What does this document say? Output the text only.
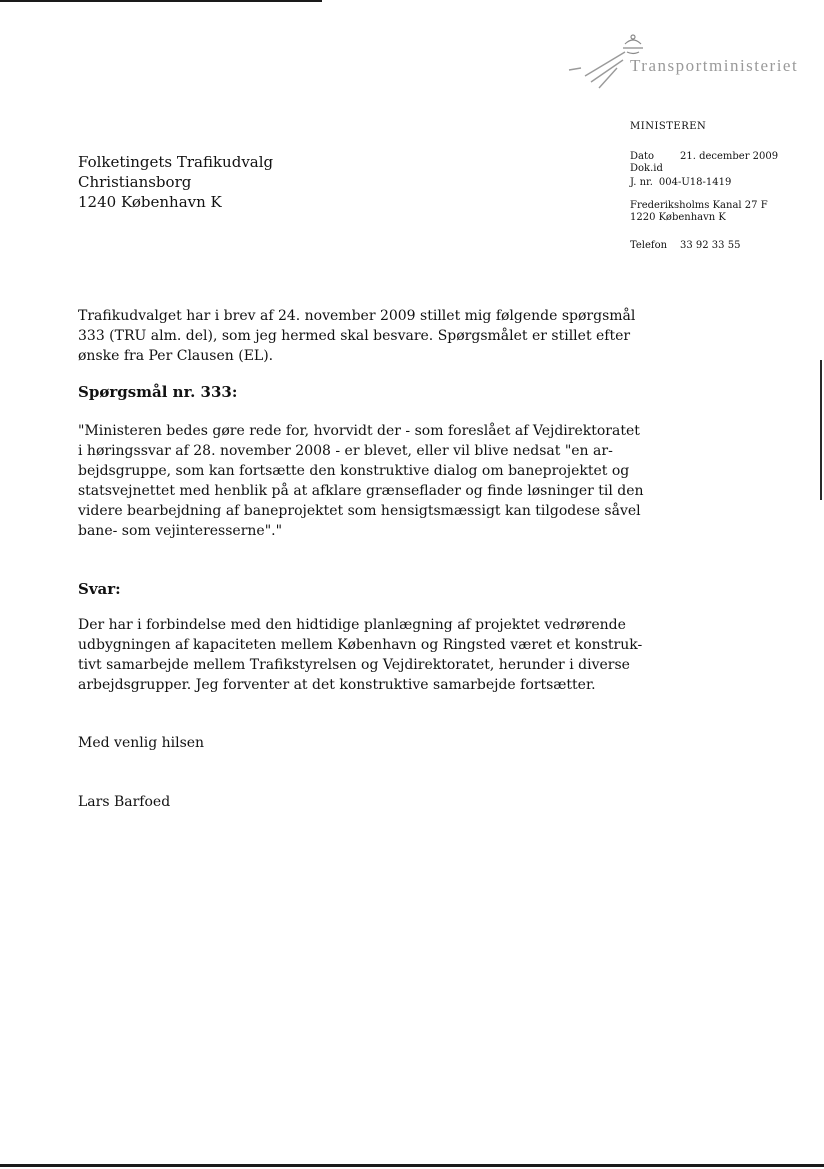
Transportministeriet
MINISTEREN
Dato	21. december 2009
Dok.id
J. nr. 004-U18-1419
Frederiksholms Kanal 27 F
1220 København K
Telefon 33 92 33 55
Folketingets Trafikudvalg
Christiansborg
1240 København K
Trafikudvalget har i brev af 24. november 2009 stillet mig følgende spørgsmål
333 (TRU alm. del), som jeg hermed skal besvare. Spørgsmålet er stillet efter
ønske fra Per Clausen (EL).
Spørgsmål nr. 333:
"Ministeren bedes gøre rede for, hvorvidt der - som foreslået af Vejdirektoratet
i høringssvar af 28. november 2008 - er blevet, eller vil blive nedsat "en ar-
bejdsgruppe, som kan fortsætte den konstruktive dialog om baneprojektet og
statsvejnettet med henblik på at afklare grænseflader og finde løsninger til den
videre bearbejdning af baneprojektet som hensigtsmæssigt kan tilgodese såvel
bane- som vejinteresserne"."
Svar:
Der har i forbindelse med den hidtidige planlægning af projektet vedrørende
udbygningen af kapaciteten mellem København og Ringsted været et konstruk-
tivt samarbejde mellem Trafikstyrelsen og Vejdirektoratet, herunder i diverse
arbejdsgrupper. Jeg forventer at det konstruktive samarbejde fortsætter.
Med venlig hilsen
Lars Barfoed
